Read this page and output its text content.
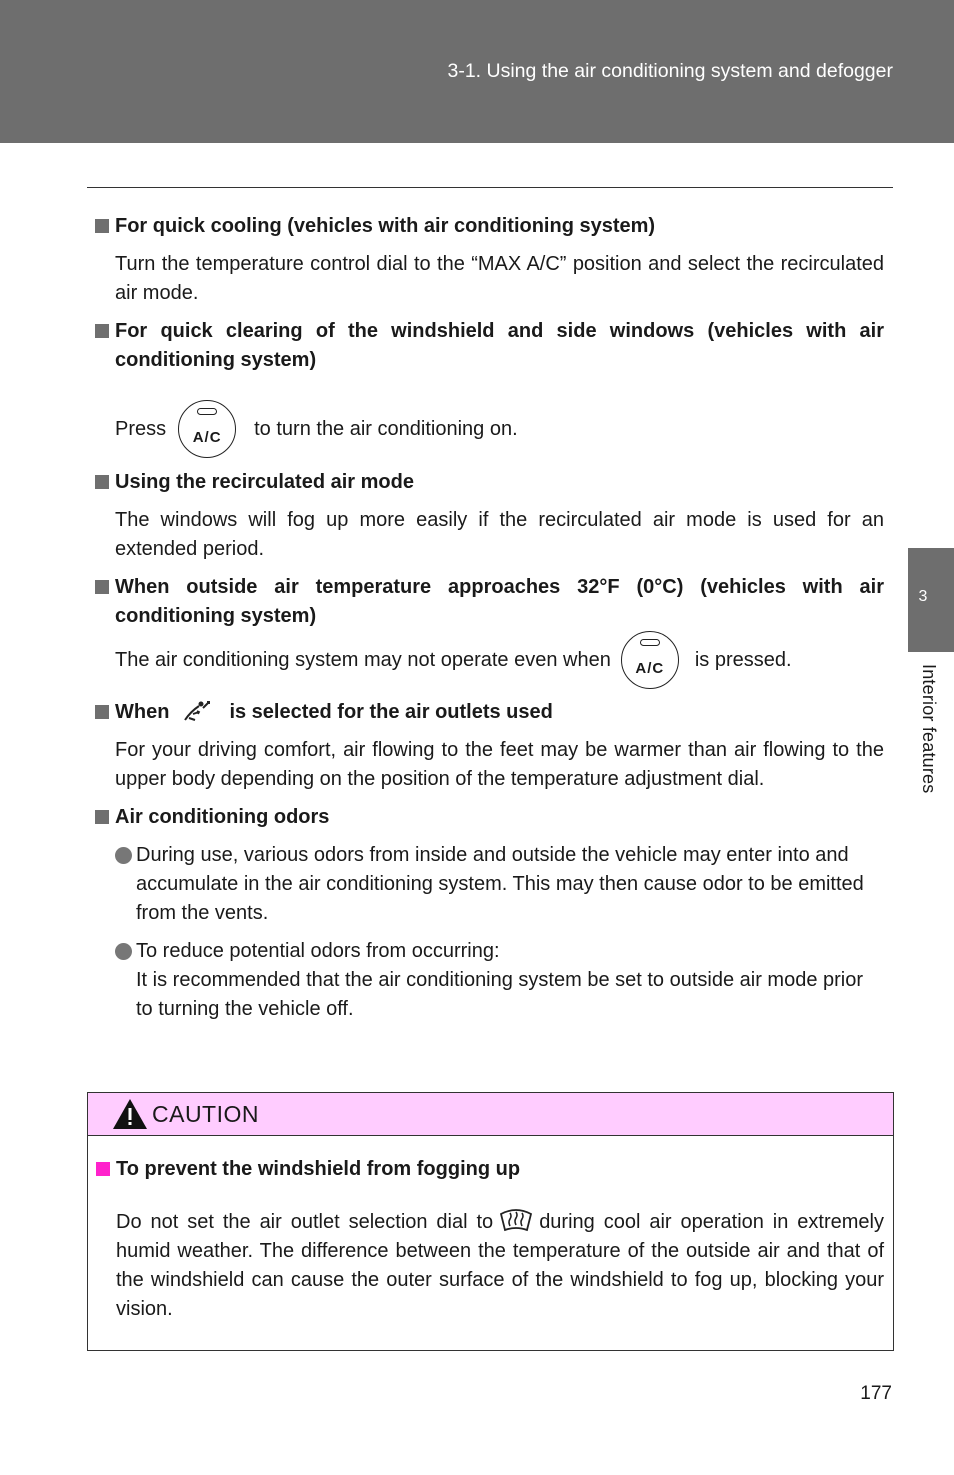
3-1. Using the air conditioning system and defogger
3
Interior features

For quick cooling (vehicles with air conditioning system)

Turn the temperature control dial to the “MAX A/C” position and select the recirculated air mode.

For quick clearing of the windshield and side windows (vehicles with air conditioning system)

Press	A/C	to turn the air conditioning on.

Using the recirculated air mode

The windows will fog up more easily if the recirculated air mode is used for an extended period.

When outside air temperature approaches 32°F (0°C) (vehicles with air conditioning system)

The air conditioning system may not operate even when	A/C	is pressed.

When	is selected for the air outlets used

For your driving comfort, air flowing to the feet may be warmer than air flowing to the upper body depending on the position of the temperature adjustment dial.

Air conditioning odors

During use, various odors from inside and outside the vehicle may enter into and accumulate in the air conditioning system. This may then cause odor to be emitted from the vents.
To reduce potential odors from occurring:
It is recommended that the air conditioning system be set to outside air mode prior to turning the vehicle off.
CAUTION

To prevent the windshield from fogging up

Do not set the air outlet selection dial to during cool air operation in extremely humid weather. The difference between the temperature of the outside air and that of the windshield can cause the outer surface of the windshield to fog up, blocking your vision.

177
